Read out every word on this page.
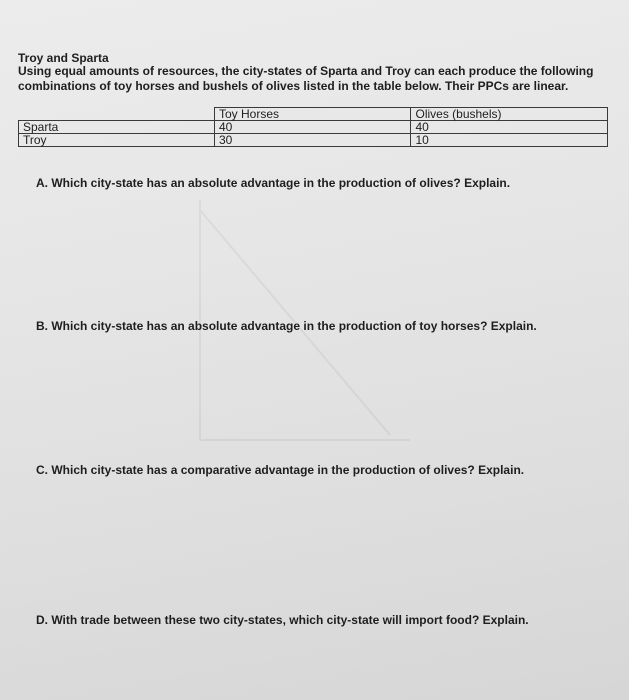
Troy and Sparta
Using equal amounts of resources, the city-states of Sparta and Troy can each produce the following combinations of toy horses and bushels of olives listed in the table below. Their PPCs are linear.
	Toy Horses	Olives (bushels)
Sparta	40	40
Troy	30	10
A. Which city-state has an absolute advantage in the production of olives? Explain.
B. Which city-state has an absolute advantage in the production of toy horses? Explain.
C. Which city-state has a comparative advantage in the production of olives? Explain.
D. With trade between these two city-states, which city-state will import food? Explain.
